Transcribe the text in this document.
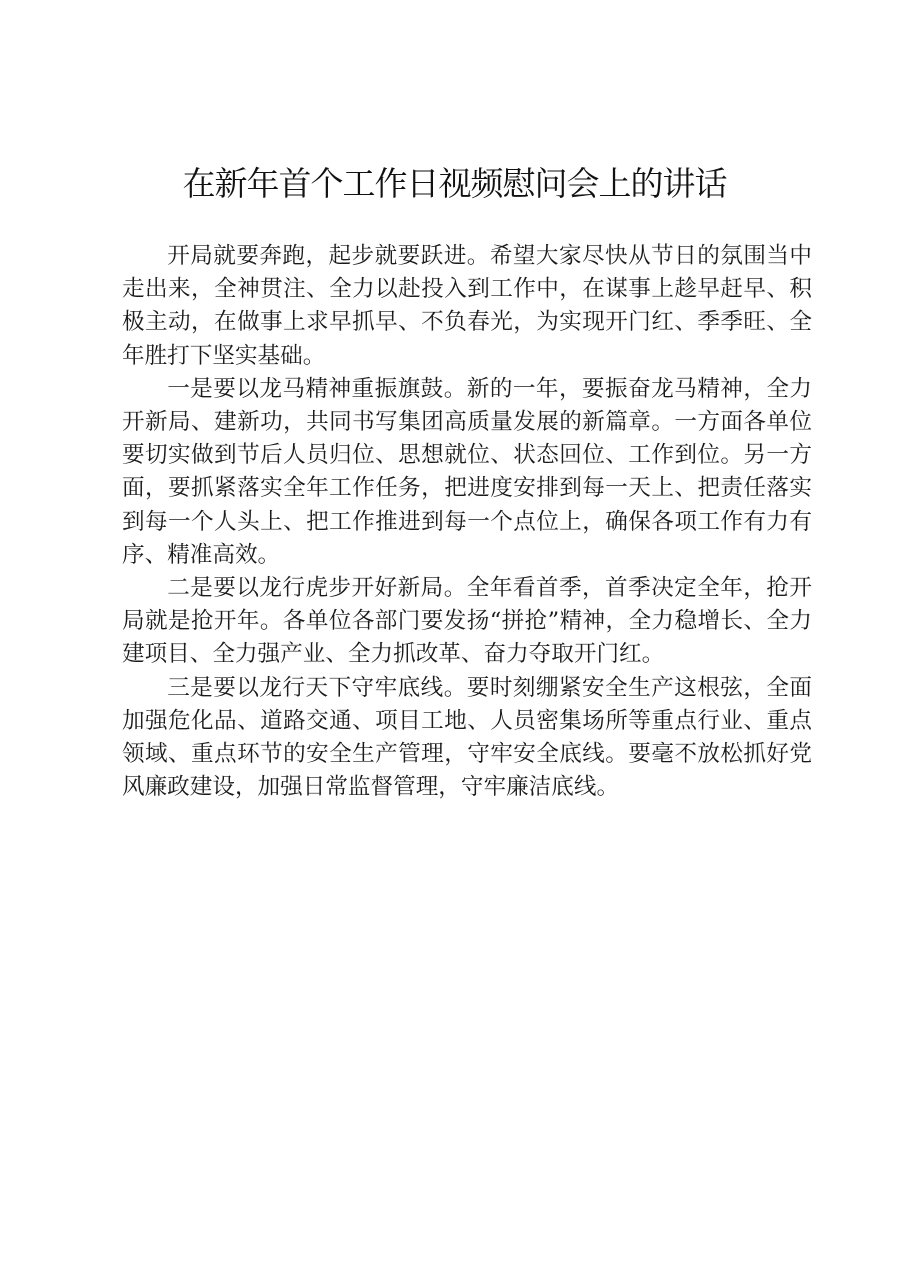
在新年首个工作日视频慰问会上的讲话

开局就要奔跑，起步就要跃进。希望大家尽快从节日的氛围当中走出来，全神贯注、全力以赴投入到工作中，在谋事上趁早赶早、积极主动，在做事上求早抓早、不负春光，为实现开门红、季季旺、全年胜打下坚实基础。

一是要以龙马精神重振旗鼓。新的一年，要振奋龙马精神，全力开新局、建新功，共同书写集团高质量发展的新篇章。一方面各单位要切实做到节后人员归位、思想就位、状态回位、工作到位。另一方面，要抓紧落实全年工作任务，把进度安排到每一天上、把责任落实到每一个人头上、把工作推进到每一个点位上，确保各项工作有力有序、精准高效。

二是要以龙行虎步开好新局。全年看首季，首季决定全年，抢开局就是抢开年。各单位各部门要发扬“拼抢”精神，全力稳增长、全力建项目、全力强产业、全力抓改革、奋力夺取开门红。

三是要以龙行天下守牢底线。要时刻绷紧安全生产这根弦，全面加强危化品、道路交通、项目工地、人员密集场所等重点行业、重点领域、重点环节的安全生产管理，守牢安全底线。要毫不放松抓好党风廉政建设，加强日常监督管理，守牢廉洁底线。
